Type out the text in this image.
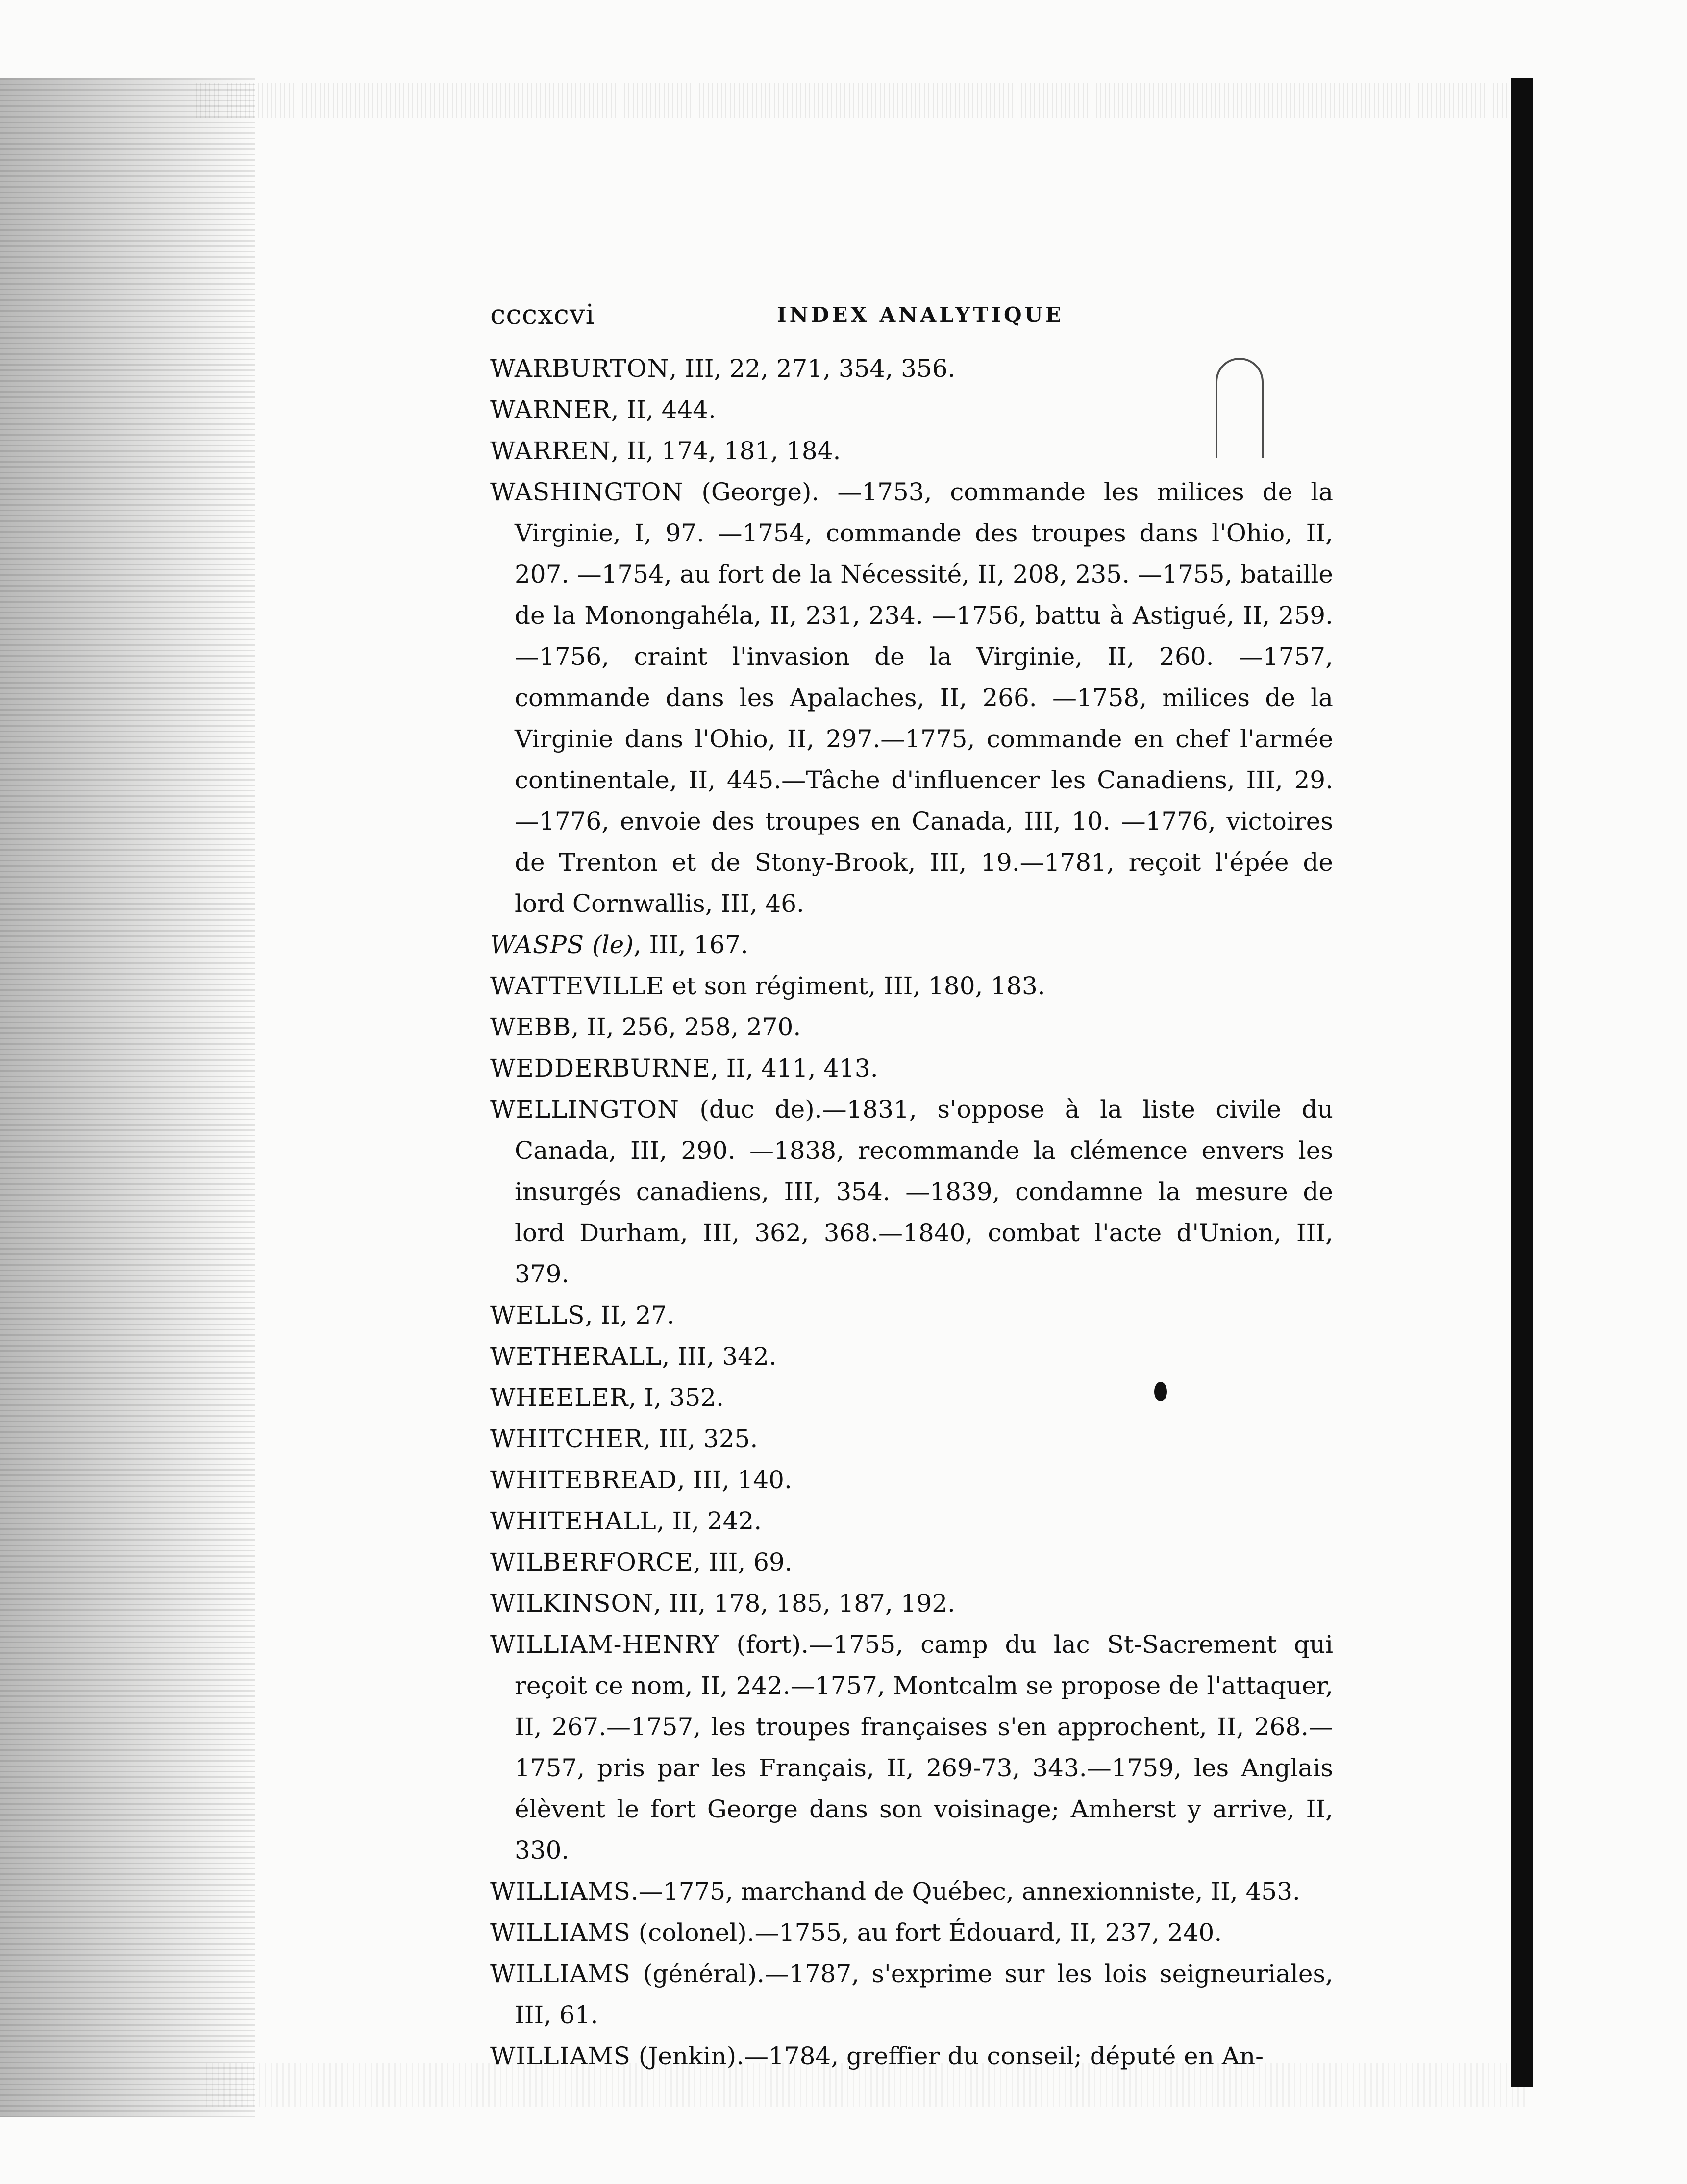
cccxcvi	INDEX ANALYTIQUE
WARBURTON, III, 22, 271, 354, 356.
WARNER, II, 444.
WARREN, II, 174, 181, 184.
WASHINGTON (George). —1753, commande les milices de la Virginie, I, 97. —1754, commande des troupes dans l'Ohio, II, 207. —1754, au fort de la Nécessité, II, 208, 235. —1755, bataille de la Monongahéla, II, 231, 234. —1756, battu à Astigué, II, 259. —1756, craint l'invasion de la Virginie, II, 260. —1757, commande dans les Apalaches, II, 266. —1758, milices de la Virginie dans l'Ohio, II, 297.—1775, commande en chef l'armée continentale, II, 445.—Tâche d'influencer les Canadiens, III, 29.—1776, envoie des troupes en Canada, III, 10. —1776, victoires de Trenton et de Stony-Brook, III, 19.—1781, reçoit l'épée de lord Cornwallis, III, 46.
WASPS (le), III, 167.
WATTEVILLE et son régiment, III, 180, 183.
WEBB, II, 256, 258, 270.
WEDDERBURNE, II, 411, 413.
WELLINGTON (duc de).—1831, s'oppose à la liste civile du Canada, III, 290. —1838, recommande la clémence envers les insurgés canadiens, III, 354. —1839, condamne la mesure de lord Durham, III, 362, 368.—1840, combat l'acte d'Union, III, 379.
WELLS, II, 27.
WETHERALL, III, 342.
WHEELER, I, 352.
WHITCHER, III, 325.
WHITEBREAD, III, 140.
WHITEHALL, II, 242.
WILBERFORCE, III, 69.
WILKINSON, III, 178, 185, 187, 192.
WILLIAM-HENRY (fort).—1755, camp du lac St-Sacrement qui reçoit ce nom, II, 242.—1757, Montcalm se propose de l'attaquer, II, 267.—1757, les troupes françaises s'en approchent, II, 268.—1757, pris par les Français, II, 269-73, 343.—1759, les Anglais élèvent le fort George dans son voisinage; Amherst y arrive, II, 330.
WILLIAMS.—1775, marchand de Québec, annexionniste, II, 453.
WILLIAMS (colonel).—1755, au fort Édouard, II, 237, 240.
WILLIAMS (général).—1787, s'exprime sur les lois seigneuriales, III, 61.
WILLIAMS (Jenkin).—1784, greffier du conseil; député en An-
